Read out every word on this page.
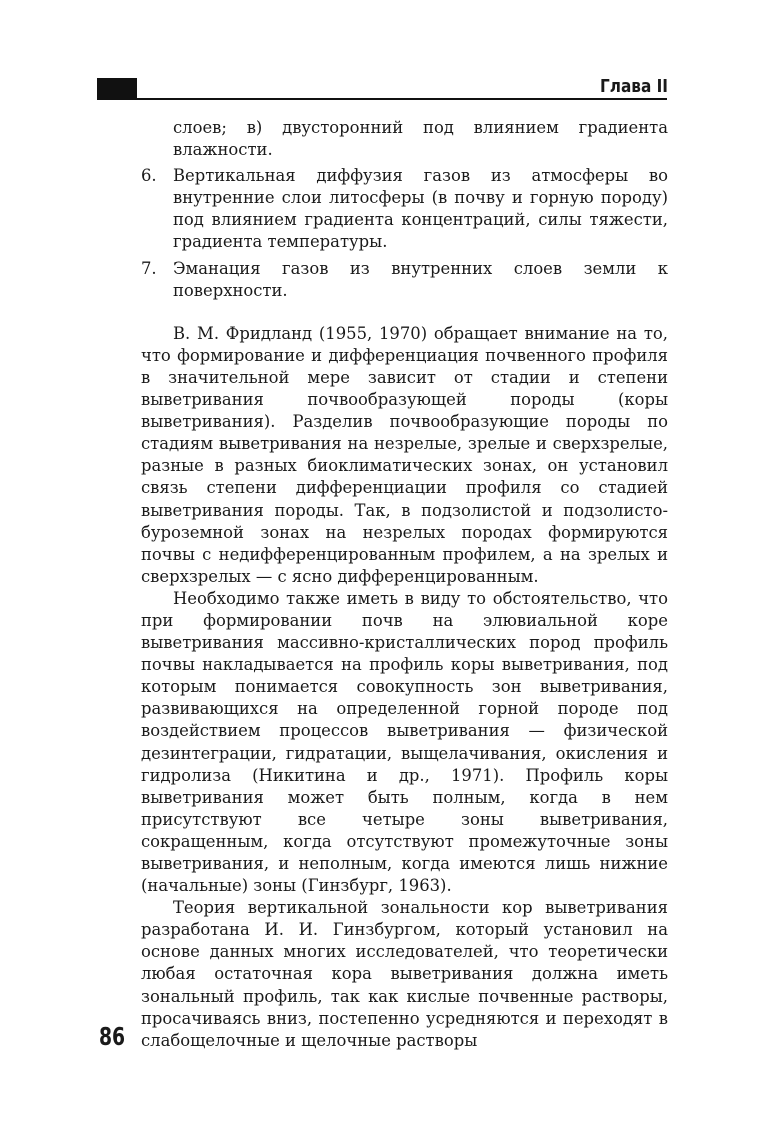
Глава II

слоев; в) двусторонний под влиянием градиента влажности.

6. Вертикальная диффузия газов из атмосферы во внутренние слои литосферы (в почву и горную породу) под влиянием градиента концентраций, силы тяжести, градиента температуры.
7. Эманация газов из внутренних слоев земли к поверхности.

В. М. Фридланд (1955, 1970) обращает внимание на то, что формирование и дифференциация почвенного профиля в значительной мере зависит от стадии и степени выветривания почвообразующей породы (коры выветривания). Разделив почвообразующие породы по стадиям выветривания на незрелые, зрелые и сверхзрелые, разные в разных биоклиматических зонах, он установил связь степени дифференциации профиля со стадией выветривания породы. Так, в подзолистой и подзолисто-буроземной зонах на незрелых породах формируются почвы с недифференцированным профилем, а на зрелых и сверхзрелых — с ясно дифференцированным.

Необходимо также иметь в виду то обстоятельство, что при формировании почв на элювиальной коре выветривания массивно-кристаллических пород профиль почвы накладывается на профиль коры выветривания, под которым понимается совокупность зон выветривания, развивающихся на определенной горной породе под воздействием процессов выветривания — физической дезинтеграции, гидратации, выщелачивания, окисления и гидролиза (Никитина и др., 1971). Профиль коры выветривания может быть полным, когда в нем присутствуют все четыре зоны выветривания, сокращенным, когда отсутствуют промежуточные зоны выветривания, и неполным, когда имеются лишь нижние (начальные) зоны (Гинзбург, 1963).

Теория вертикальной зональности кор выветривания разработана И. И. Гинзбургом, который установил на основе данных многих исследователей, что теоретически любая остаточная кора выветривания должна иметь зональный профиль, так как кислые почвенные растворы, просачиваясь вниз, постепенно усредняются и переходят в слабощелочные и щелочные растворы

86
